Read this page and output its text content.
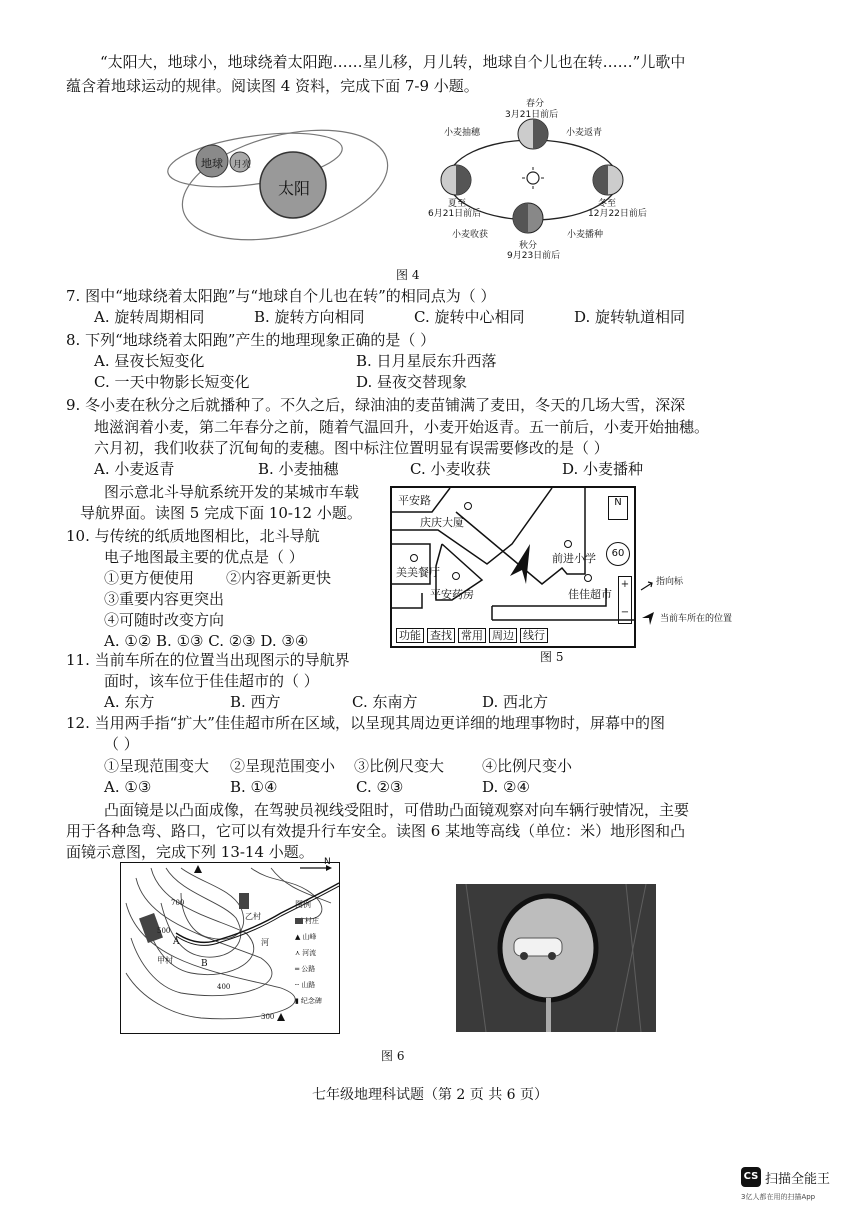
“太阳大，地球小，地球绕着太阳跑……星儿移，月儿转，地球自个儿也在转……”儿歌中
蕴含着地球运动的规律。阅读图 4 资料，完成下面 7-9 小题。
地球 月亮
太阳
春分
3月21日前后
小麦抽穗	小麦返青
夏至
6月21日前后
冬至
12月22日前后
小麦收获	小麦播种
秋分
9月23日前后
图 4
7. 图中“地球绕着太阳跑”与“地球自个儿也在转”的相同点为（ ）
A. 旋转周期相同	B. 旋转方向相同	C. 旋转中心相同	D. 旋转轨道相同
8. 下列“地球绕着太阳跑”产生的地理现象正确的是（ ）
A. 昼夜长短变化	B. 日月星辰东升西落
C. 一天中物影长短变化	D. 昼夜交替现象
9. 冬小麦在秋分之后就播种了。不久之后，绿油油的麦苗铺满了麦田，冬天的几场大雪，深深
地滋润着小麦，第二年春分之前，随着气温回升，小麦开始返青。五一前后，小麦开始抽穗。
六月初，我们收获了沉甸甸的麦穗。图中标注位置明显有误需要修改的是（ ）
A. 小麦返青	B. 小麦抽穗	C. 小麦收获	D. 小麦播种
图示意北斗导航系统开发的某城市车载
导航界面。读图 5 完成下面 10-12 小题。
10. 与传统的纸质地图相比，北斗导航
电子地图最主要的优点是（ ）
①更方便使用 ②内容更新更快
③重要内容更突出
④可随时改变方向
A. ①② B. ①③ C. ②③ D. ③④
平安路
庆庆大厦
前进小学
美美餐厅
平安药房	佳佳超市
N
60
+
−
功能 查找 常用 周边 线行
指向标
当前车所在的位置
图 5
11. 当前车所在的位置当出现图示的导航界
面时，该车位于佳佳超市的（ ）
A. 东方	B. 西方	C. 东南方	D. 西北方
12. 当用两手指“扩大”佳佳超市所在区域，以呈现其周边更详细的地理事物时，屏幕中的图
（ ）
①呈现范围变大 ②呈现范围变小 ③比例尺变大	④比例尺变小
A. ①③	B. ①④	C. ②③	D. ②④
凸面镜是以凸面成像，在驾驶员视线受阻时，可借助凸面镜观察对向车辆行驶情况，主要
用于各种急弯、路口，它可以有效提升行车安全。读图 6 某地等高线（单位：米）地形图和凸
面镜示意图，完成下列 13-14 小题。
A
B
甲村
乙村
河
700
500
400
300
图例
村庄
▲ 山峰
⋏ 河流
═ 公路
┄ 山路
▮ 纪念碑
N
图 6
七年级地理科试题（第 2 页 共 6 页）
CS 扫描全能王
3亿人都在用的扫描App
